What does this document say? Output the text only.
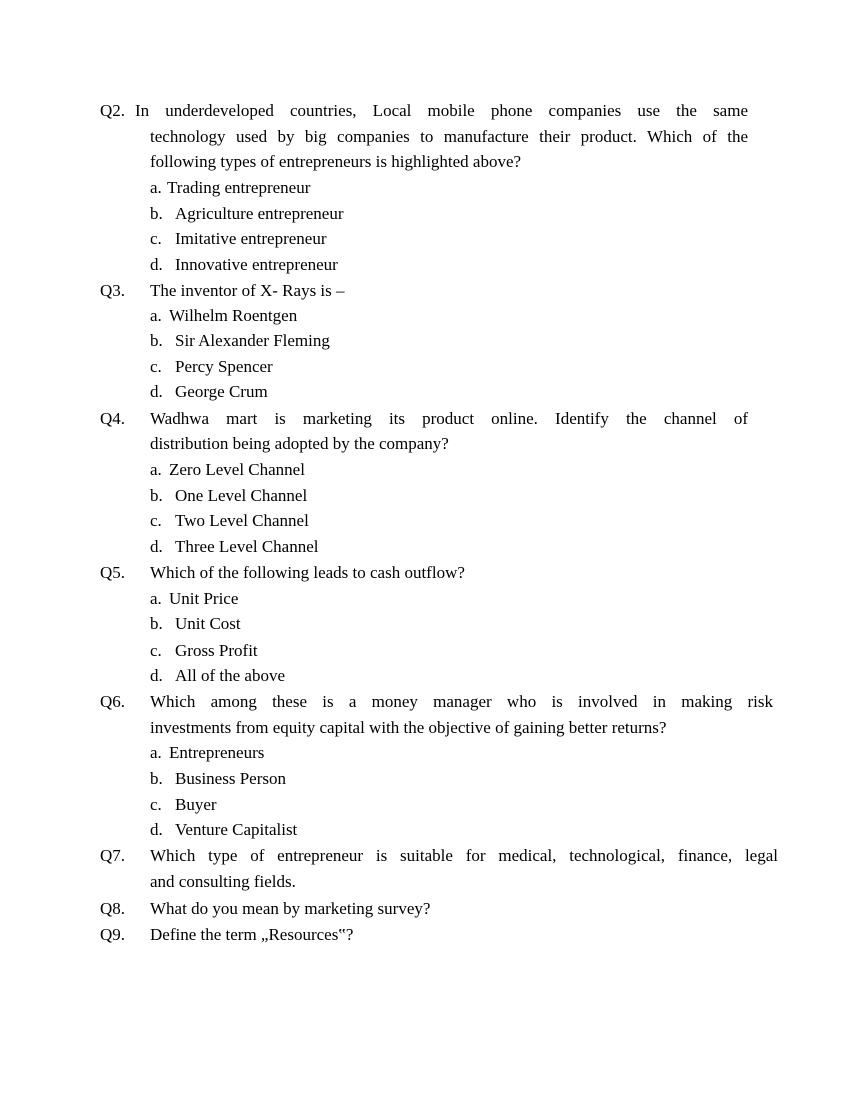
Q2. In underdeveloped countries, Local mobile phone companies use the same
technology used by big companies to manufacture their product. Which of the
following types of entrepreneurs is highlighted above?
a. Trading entrepreneur
b. Agriculture entrepreneur
c. Imitative entrepreneur
d. Innovative entrepreneur
Q3. The inventor of X- Rays is –
a. Wilhelm Roentgen
b. Sir Alexander Fleming
c. Percy Spencer
d. George Crum
Q4. Wadhwa mart is marketing its product online. Identify the channel of
distribution being adopted by the company?
a. Zero Level Channel
b. One Level Channel
c. Two Level Channel
d. Three Level Channel
Q5. Which of the following leads to cash outflow?
a. Unit Price
b. Unit Cost
c. Gross Profit
d. All of the above
Q6. Which among these is a money manager who is involved in making risk
investments from equity capital with the objective of gaining better returns?
a. Entrepreneurs
b. Business Person
c. Buyer
d. Venture Capitalist
Q7. Which type of entrepreneur is suitable for medical, technological, finance, legal
and consulting fields.
Q8. What do you mean by marketing survey?
Q9. Define the term „Resources‟?
